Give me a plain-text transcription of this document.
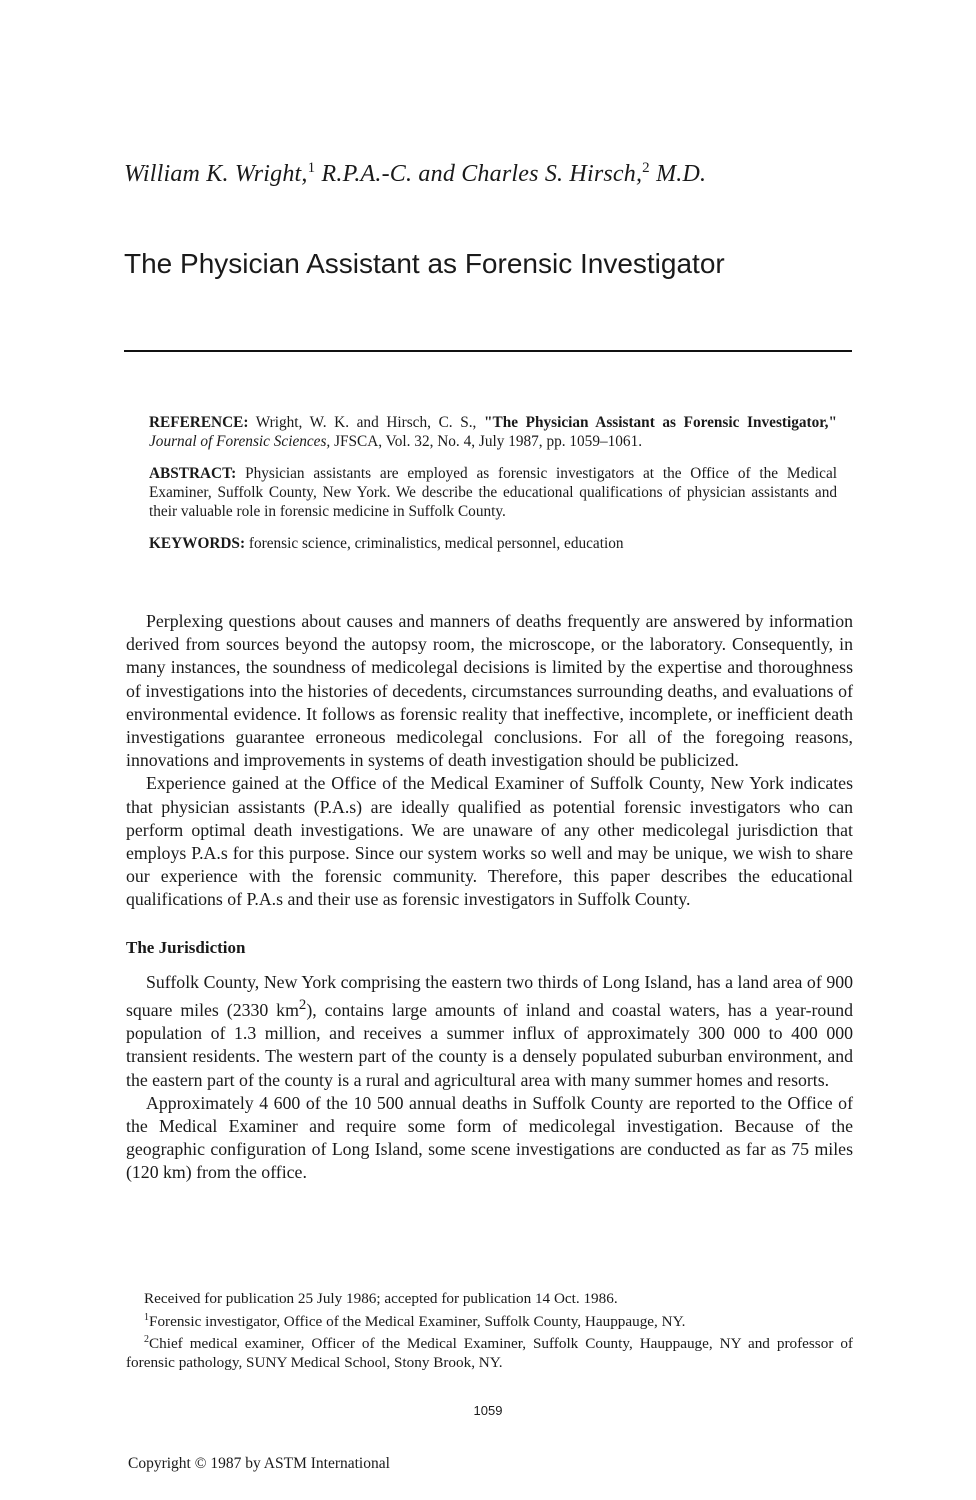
William K. Wright,$^1$ R.P.A.-C. and Charles S. Hirsch,$^2$ M.D.
The Physician Assistant as Forensic Investigator

REFERENCE: Wright, W. K. and Hirsch, C. S., "The Physician Assistant as Forensic Investigator," Journal of Forensic Sciences, JFSCA, Vol. 32, No. 4, July 1987, pp. 1059–1061.

ABSTRACT: Physician assistants are employed as forensic investigators at the Office of the Medical Examiner, Suffolk County, New York. We describe the educational qualifications of physician assistants and their valuable role in forensic medicine in Suffolk County.

KEYWORDS: forensic science, criminalistics, medical personnel, education

Perplexing questions about causes and manners of deaths frequently are answered by information derived from sources beyond the autopsy room, the microscope, or the laboratory. Consequently, in many instances, the soundness of medicolegal decisions is limited by the expertise and thoroughness of investigations into the histories of decedents, circumstances surrounding deaths, and evaluations of environmental evidence. It follows as forensic reality that ineffective, incomplete, or inefficient death investigations guarantee erroneous medicolegal conclusions. For all of the foregoing reasons, innovations and improvements in systems of death investigation should be publicized.

Experience gained at the Office of the Medical Examiner of Suffolk County, New York indicates that physician assistants (P.A.s) are ideally qualified as potential forensic investigators who can perform optimal death investigations. We are unaware of any other medicolegal jurisdiction that employs P.A.s for this purpose. Since our system works so well and may be unique, we wish to share our experience with the forensic community. Therefore, this paper describes the educational qualifications of P.A.s and their use as forensic investigators in Suffolk County.

The Jurisdiction

Suffolk County, New York comprising the eastern two thirds of Long Island, has a land area of 900 square miles (2330 $km^2$), contains large amounts of inland and coastal waters, has a year-round population of 1.3 million, and receives a summer influx of approximately 300 000 to 400 000 transient residents. The western part of the county is a densely populated suburban environment, and the eastern part of the county is a rural and agricultural area with many summer homes and resorts.

Approximately 4 600 of the 10 500 annual deaths in Suffolk County are reported to the Office of the Medical Examiner and require some form of medicolegal investigation. Because of the geographic configuration of Long Island, some scene investigations are conducted as far as 75 miles (120 km) from the office.

Received for publication 25 July 1986; accepted for publication 14 Oct. 1986.

$^1$Forensic investigator, Office of the Medical Examiner, Suffolk County, Hauppauge, NY.

$^2$Chief medical examiner, Officer of the Medical Examiner, Suffolk County, Hauppauge, NY and professor of forensic pathology, SUNY Medical School, Stony Brook, NY.

1059
Copyright © 1987 by ASTM International
